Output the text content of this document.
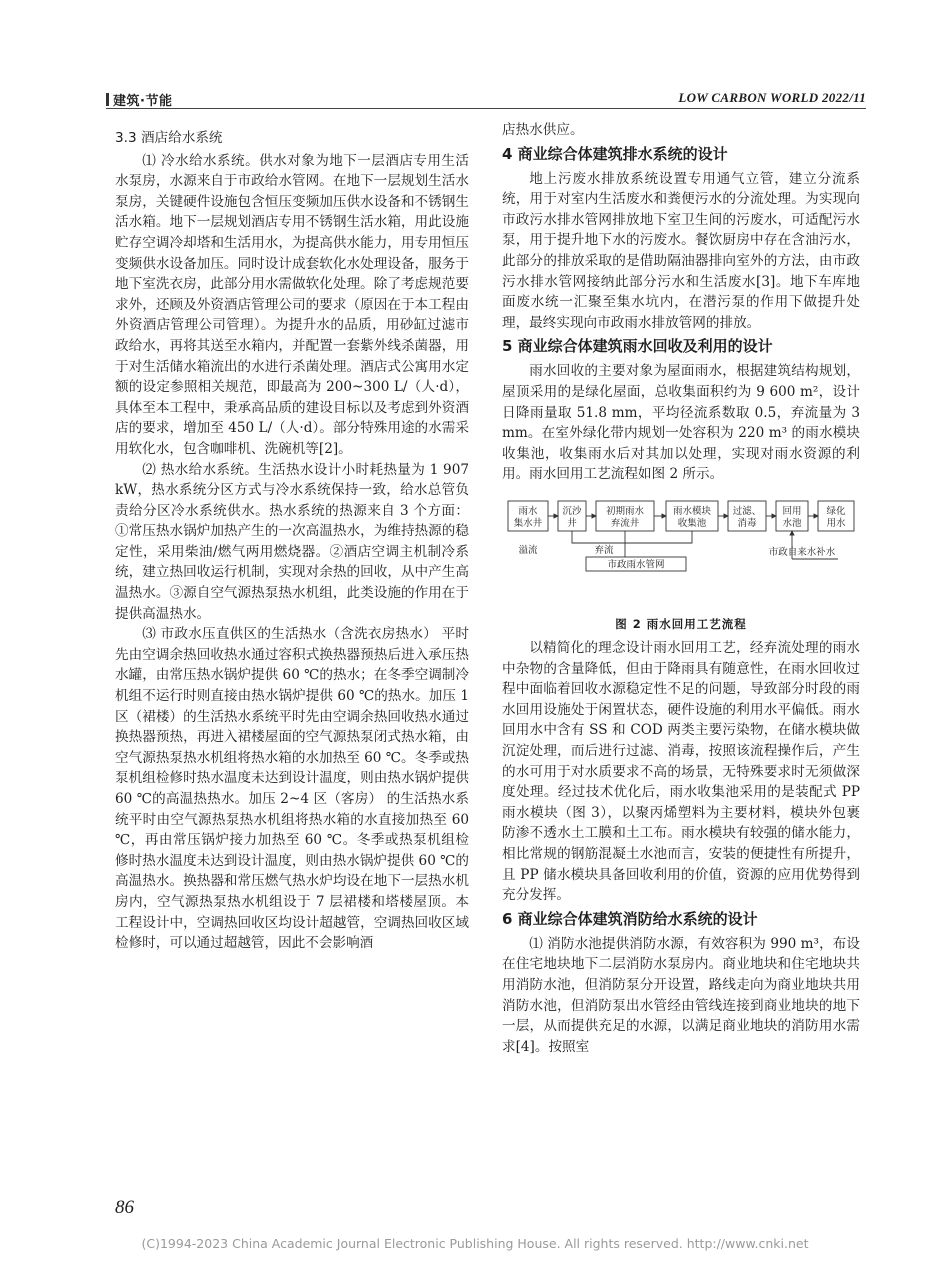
建筑·节能	LOW CARBON WORLD 2022/11
3.3 酒店给水系统

⑴ 冷水给水系统。供水对象为地下一层酒店专用生活水泵房，水源来自于市政给水管网。在地下一层规划生活水泵房，关键硬件设施包含恒压变频加压供水设备和不锈钢生活水箱。地下一层规划酒店专用不锈钢生活水箱，用此设施贮存空调冷却塔和生活用水，为提高供水能力，用专用恒压变频供水设备加压。同时设计成套软化水处理设备，服务于地下室洗衣房，此部分用水需做软化处理。除了考虑规范要求外，还顾及外资酒店管理公司的要求（原因在于本工程由外资酒店管理公司管理）。为提升水的品质，用砂缸过滤市政给水，再将其送至水箱内，并配置一套紫外线杀菌器，用于对生活储水箱流出的水进行杀菌处理。酒店式公寓用水定额的设定参照相关规范，即最高为 200~300 L/（人·d），具体至本工程中，秉承高品质的建设目标以及考虑到外资酒店的要求，增加至 450 L/（人·d）。部分特殊用途的水需采用软化水，包含咖啡机、洗碗机等[2]。

⑵ 热水给水系统。生活热水设计小时耗热量为 1 907 kW，热水系统分区方式与冷水系统保持一致，给水总管负责给分区冷水系统供水。热水系统的热源来自 3 个方面：①常压热水锅炉加热产生的一次高温热水，为维持热源的稳定性，采用柴油/燃气两用燃烧器。②酒店空调主机制冷系统，建立热回收运行机制，实现对余热的回收，从中产生高温热水。③源自空气源热泵热水机组，此类设施的作用在于提供高温热水。

⑶ 市政水压直供区的生活热水（含洗衣房热水） 平时先由空调余热回收热水通过容积式换热器预热后进入承压热水罐，由常压热水锅炉提供 60 ℃的热水；在冬季空调制冷机组不运行时则直接由热水锅炉提供 60 ℃的热水。加压 1 区（裙楼）的生活热水系统平时先由空调余热回收热水通过换热器预热，再进入裙楼屋面的空气源热泵闭式热水箱，由空气源热泵热水机组将热水箱的水加热至 60 ℃。冬季或热泵机组检修时热水温度未达到设计温度，则由热水锅炉提供 60 ℃的高温热热水。加压 2~4 区（客房） 的生活热水系统平时由空气源热泵热水机组将热水箱的水直接加热至 60 ℃，再由常压锅炉接力加热至 60 ℃。冬季或热泵机组检修时热水温度未达到设计温度，则由热水锅炉提供 60 ℃的高温热水。换热器和常压燃气热水炉均设在地下一层热水机房内，空气源热泵热水机组设于 7 层裙楼和塔楼屋顶。本工程设计中，空调热回收区均设计超越管，空调热回收区域检修时，可以通过超越管，因此不会影响酒

店热水供应。

4 商业综合体建筑排水系统的设计

地上污废水排放系统设置专用通气立管，建立分流系统，用于对室内生活废水和粪便污水的分流处理。为实现向市政污水排水管网排放地下室卫生间的污废水，可适配污水泵，用于提升地下水的污废水。餐饮厨房中存在含油污水，此部分的排放采取的是借助隔油器排向室外的方法，由市政污水排水管网接纳此部分污水和生活废水[3]。地下车库地面废水统一汇聚至集水坑内，在潜污泵的作用下做提升处理，最终实现向市政雨水排放管网的排放。

5 商业综合体建筑雨水回收及利用的设计

雨水回收的主要对象为屋面雨水，根据建筑结构规划，屋顶采用的是绿化屋面，总收集面积约为 9 600 m²，设计日降雨量取 51.8 mm，平均径流系数取 0.5，弃流量为 3 mm。在室外绿化带内规划一处容积为 220 m³ 的雨水模块收集池，收集雨水后对其加以处理，实现对雨水资源的利用。雨水回用工艺流程如图 2 所示。

雨水
集水井
沉沙
井
初期雨水
弃流井
雨水模块
收集池
过滤、
消毒
回用
水池
绿化
用水
市政雨水管网
溢流	弃流	市政自来水补水
图 2 雨水回用工艺流程

以精简化的理念设计雨水回用工艺，经弃流处理的雨水中杂物的含量降低，但由于降雨具有随意性，在雨水回收过程中面临着回收水源稳定性不足的问题，导致部分时段的雨水回用设施处于闲置状态，硬件设施的利用水平偏低。雨水回用水中含有 SS 和 COD 两类主要污染物，在储水模块做沉淀处理，而后进行过滤、消毒，按照该流程操作后，产生的水可用于对水质要求不高的场景，无特殊要求时无须做深度处理。经过技术优化后，雨水收集池采用的是装配式 PP 雨水模块（图 3），以聚丙烯塑料为主要材料，模块外包裹防渗不透水土工膜和土工布。雨水模块有较强的储水能力，相比常规的钢筋混凝土水池而言，安装的便捷性有所提升，且 PP 储水模块具备回收利用的价值，资源的应用优势得到充分发挥。

6 商业综合体建筑消防给水系统的设计

⑴ 消防水池提供消防水源，有效容积为 990 m³，布设在住宅地块地下二层消防水泵房内。商业地块和住宅地块共用消防水池，但消防泵分开设置，路线走向为商业地块共用消防水池，但消防泵出水管经由管线连接到商业地块的地下一层，从而提供充足的水源，以满足商业地块的消防用水需求[4]。按照室

86
(C)1994-2023 China Academic Journal Electronic Publishing House. All rights reserved. http://www.cnki.net
